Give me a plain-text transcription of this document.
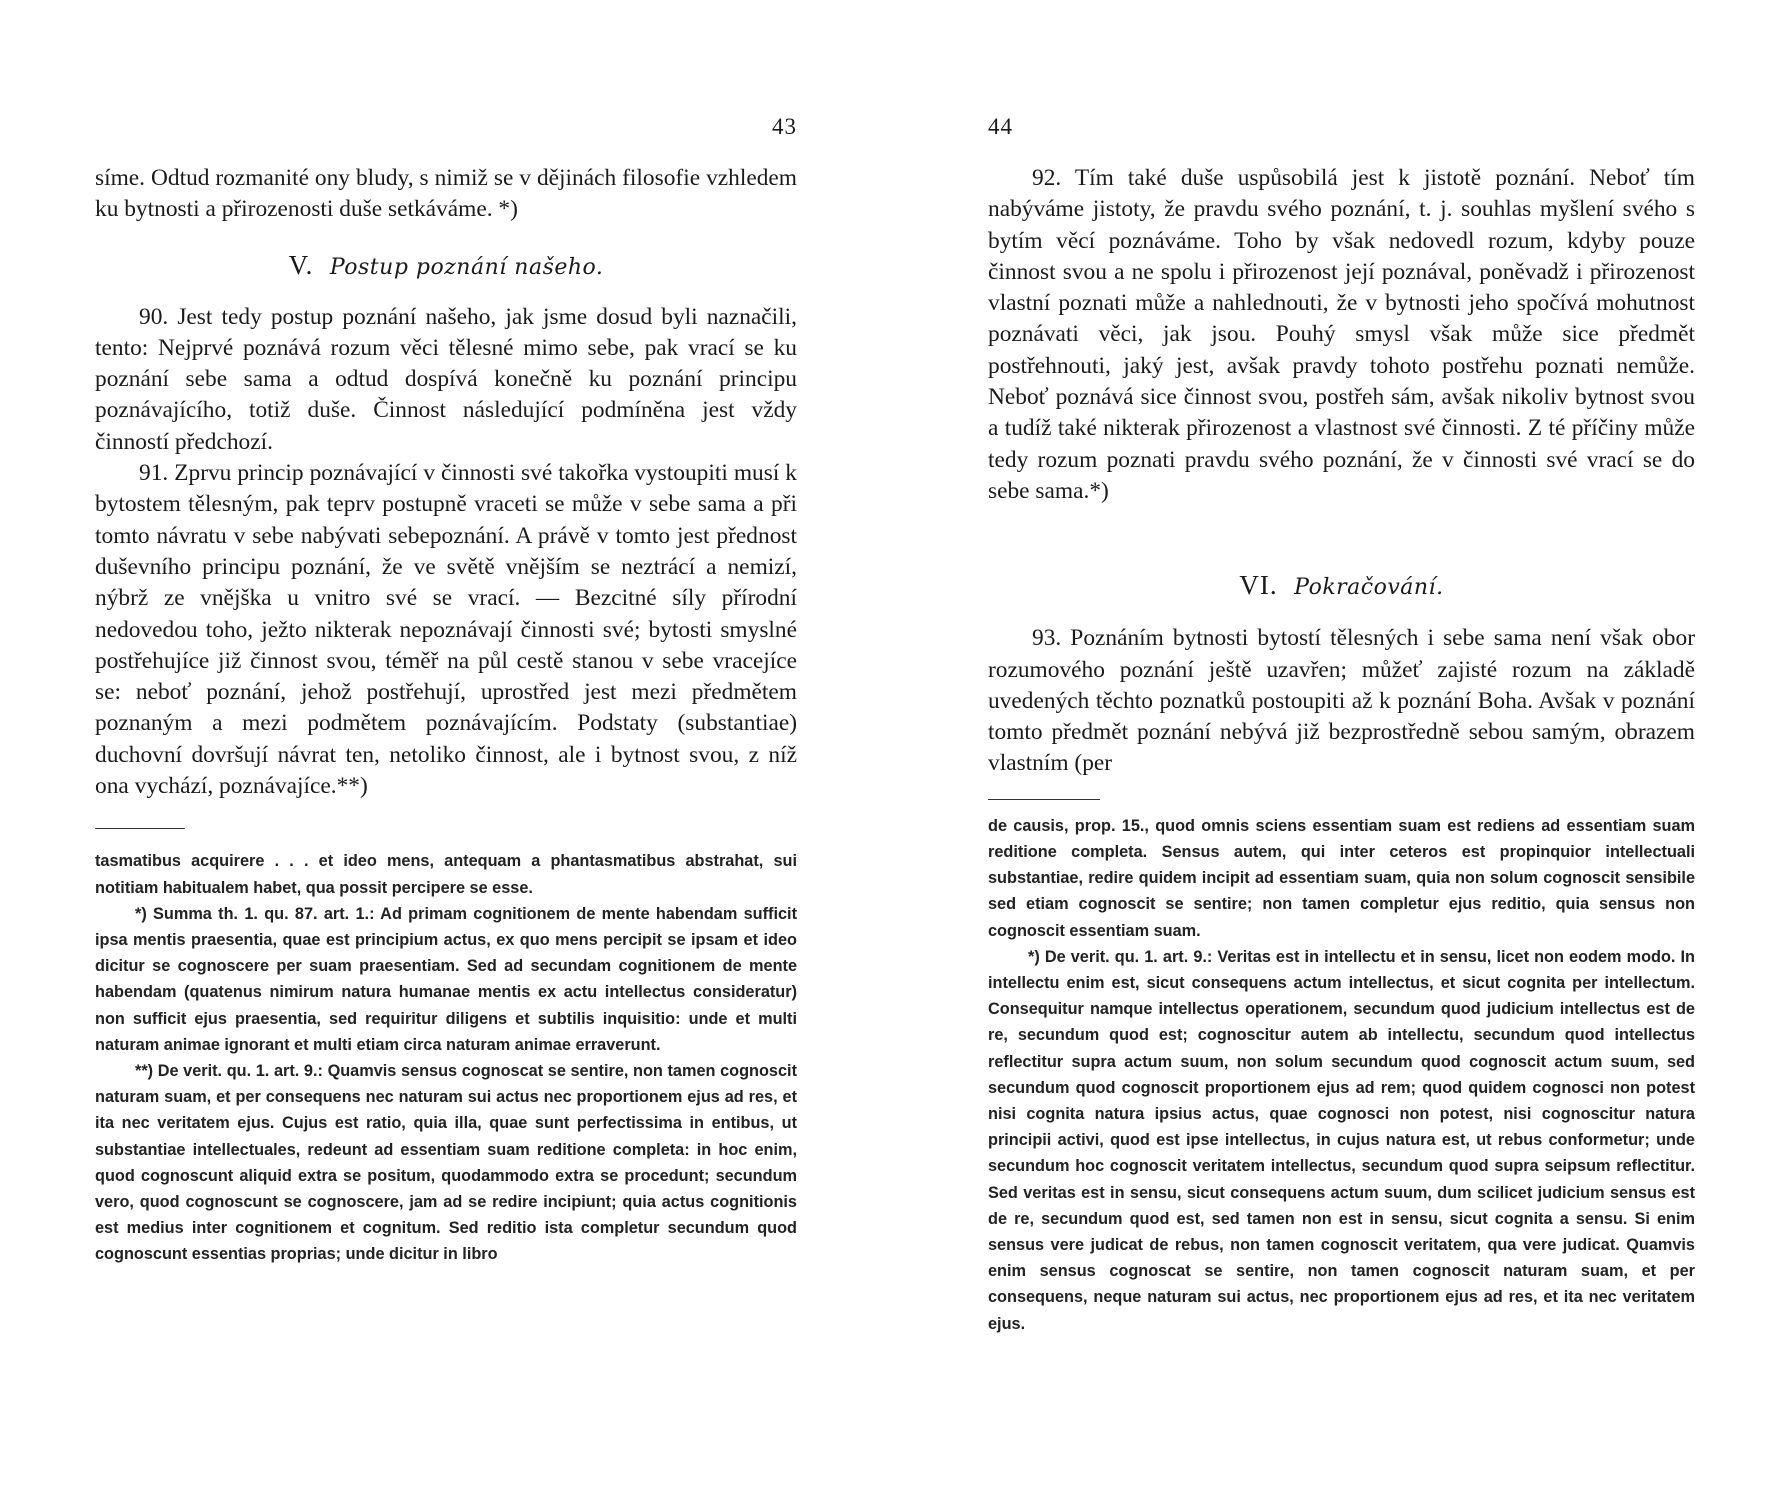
43

síme. Odtud rozmanité ony bludy, s nimiž se v dějinách filosofie vzhledem ku bytnosti a přirozenosti duše setkáváme. *)

V. Postup poznání našeho.

90. Jest tedy postup poznání našeho, jak jsme dosud byli naznačili, tento: Nejprvé poznává rozum věci tělesné mimo sebe, pak vrací se ku poznání sebe sama a odtud dospívá konečně ku poznání principu poznávajícího, totiž duše. Činnost následující podmíněna jest vždy činností předchozí.

91. Zprvu princip poznávající v činnosti své takořka vystoupiti musí k bytostem tělesným, pak teprv postupně vraceti se může v sebe sama a při tomto návratu v sebe nabývati sebepoznání. A právě v tomto jest přednost duševního principu poznání, že ve světě vnějším se neztrácí a nemizí, nýbrž ze vnějška u vnitro své se vrací. — Bezcitné síly přírodní nedovedou toho, ježto nikterak nepoznávají činnosti své; bytosti smyslné postřehujíce již činnost svou, téměř na půl cestě stanou v sebe vracejíce se: neboť poznání, jehož postřehují, uprostřed jest mezi předmětem poznaným a mezi podmětem poznávajícím. Podstaty (substantiae) duchovní dovršují návrat ten, netoliko činnost, ale i bytnost svou, z níž ona vychází, poznávajíce.**)

tasmatibus acquirere . . . et ideo mens, antequam a phantasmatibus abstrahat, sui notitiam habitualem habet, qua possit percipere se esse.

*) Summa th. 1. qu. 87. art. 1.: Ad primam cognitionem de mente habendam sufficit ipsa mentis praesentia, quae est principium actus, ex quo mens percipit se ipsam et ideo dicitur se cognoscere per suam praesentiam. Sed ad secundam cognitionem de mente habendam (quatenus nimirum natura humanae mentis ex actu intellectus consideratur) non sufficit ejus praesentia, sed requiritur diligens et subtilis inquisitio: unde et multi naturam animae ignorant et multi etiam circa naturam animae erraverunt.

**) De verit. qu. 1. art. 9.: Quamvis sensus cognoscat se sentire, non tamen cognoscit naturam suam, et per consequens nec naturam sui actus nec proportionem ejus ad res, et ita nec veritatem ejus. Cujus est ratio, quia illa, quae sunt perfectissima in entibus, ut substantiae intellectuales, redeunt ad essentiam suam reditione completa: in hoc enim, quod cognoscunt aliquid extra se positum, quodammodo extra se procedunt; secundum vero, quod cognoscunt se cognoscere, jam ad se redire incipiunt; quia actus cognitionis est medius inter cognitionem et cognitum. Sed reditio ista completur secundum quod cognoscunt essentias proprias; unde dicitur in libro

44

92. Tím také duše uspůsobilá jest k jistotě poznání. Neboť tím nabýváme jistoty, že pravdu svého poznání, t. j. souhlas myšlení svého s bytím věcí poznáváme. Toho by však nedovedl rozum, kdyby pouze činnost svou a ne spolu i přirozenost její poznával, poněvadž i přirozenost vlastní poznati může a nahlednouti, že v bytnosti jeho spočívá mohutnost poznávati věci, jak jsou. Pouhý smysl však může sice předmět postřehnouti, jaký jest, avšak pravdy tohoto postřehu poznati nemůže. Neboť poznává sice činnost svou, postřeh sám, avšak nikoliv bytnost svou a tudíž také nikterak přirozenost a vlastnost své činnosti. Z té příčiny může tedy rozum poznati pravdu svého poznání, že v činnosti své vrací se do sebe sama.*)

VI. Pokračování.

93. Poznáním bytnosti bytostí tělesných i sebe sama není však obor rozumového poznání ještě uzavřen; můžeť zajisté rozum na základě uvedených těchto poznatků postoupiti až k poznání Boha. Avšak v poznání tomto předmět poznání nebývá již bezprostředně sebou samým, obrazem vlastním (per

de causis, prop. 15., quod omnis sciens essentiam suam est rediens ad essentiam suam reditione completa. Sensus autem, qui inter ceteros est propinquior intellectuali substantiae, redire quidem incipit ad essentiam suam, quia non solum cognoscit sensibile sed etiam cognoscit se sentire; non tamen completur ejus reditio, quia sensus non cognoscit essentiam suam.

*) De verit. qu. 1. art. 9.: Veritas est in intellectu et in sensu, licet non eodem modo. In intellectu enim est, sicut consequens actum intellectus, et sicut cognita per intellectum. Consequitur namque intellectus operationem, secundum quod judicium intellectus est de re, secundum quod est; cognoscitur autem ab intellectu, secundum quod intellectus reflectitur supra actum suum, non solum secundum quod cognoscit actum suum, sed secundum quod cognoscit proportionem ejus ad rem; quod quidem cognosci non potest nisi cognita natura ipsius actus, quae cognosci non potest, nisi cognoscitur natura principii activi, quod est ipse intellectus, in cujus natura est, ut rebus conformetur; unde secundum hoc cognoscit veritatem intellectus, secundum quod supra seipsum reflectitur. Sed veritas est in sensu, sicut consequens actum suum, dum scilicet judicium sensus est de re, secundum quod est, sed tamen non est in sensu, sicut cognita a sensu. Si enim sensus vere judicat de rebus, non tamen cognoscit veritatem, qua vere judicat. Quamvis enim sensus cognoscat se sentire, non tamen cognoscit naturam suam, et per consequens, neque naturam sui actus, nec proportionem ejus ad res, et ita nec veritatem ejus.
